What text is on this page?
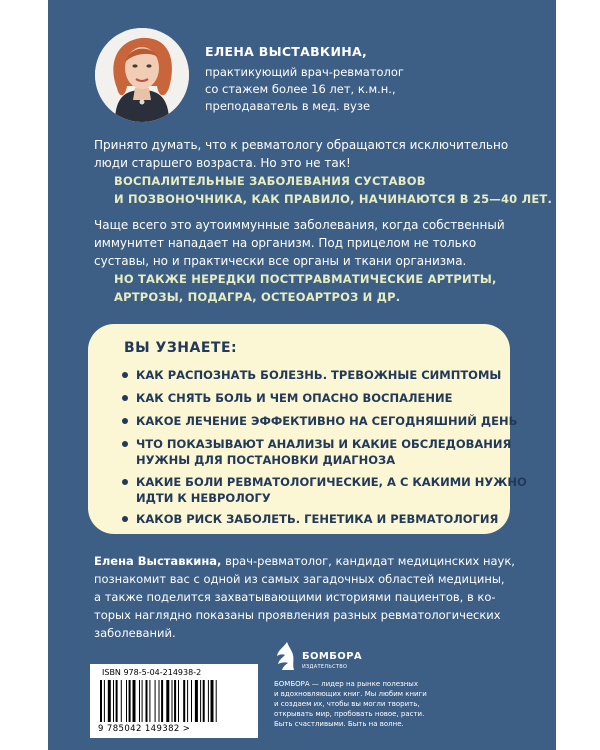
ЕЛЕНА ВЫСТАВКИНА,
практикующий врач-ревматолог
со стажем более 16 лет, к.м.н.,
преподаватель в мед. вузе
Принято думать, что к ревматологу обращаются исключительно
люди старшего возраста. Но это не так!
ВОСПАЛИТЕЛЬНЫЕ ЗАБОЛЕВАНИЯ СУСТАВОВ
И ПОЗВОНОЧНИКА, КАК ПРАВИЛО, НАЧИНАЮТСЯ В 25—40 ЛЕТ.
Чаще всего это аутоиммунные заболевания, когда собственный
иммунитет нападает на организм. Под прицелом не только
суставы, но и практически все органы и ткани организма.
НО ТАКЖЕ НЕРЕДКИ ПОСТТРАВМАТИЧЕСКИЕ АРТРИТЫ,
АРТРОЗЫ, ПОДАГРА, ОСТЕОАРТРОЗ И ДР.
ВЫ УЗНАЕТЕ:
КАК РАСПОЗНАТЬ БОЛЕЗНЬ. ТРЕВОЖНЫЕ СИМПТОМЫ
КАК СНЯТЬ БОЛЬ И ЧЕМ ОПАСНО ВОСПАЛЕНИЕ
КАКОЕ ЛЕЧЕНИЕ ЭФФЕКТИВНО НА СЕГОДНЯШНИЙ ДЕНЬ
ЧТО ПОКАЗЫВАЮТ АНАЛИЗЫ И КАКИЕ ОБСЛЕДОВАНИЯ
НУЖНЫ ДЛЯ ПОСТАНОВКИ ДИАГНОЗА
КАКИЕ БОЛИ РЕВМАТОЛОГИЧЕСКИЕ, А С КАКИМИ НУЖНО
ИДТИ К НЕВРОЛОГУ
КАКОВ РИСК ЗАБОЛЕТЬ. ГЕНЕТИКА И РЕВМАТОЛОГИЯ
Елена Выставкина, врач-ревматолог, кандидат медицинских наук,
познакомит вас с одной из самых загадочных областей медицины,
а также поделится захватывающими историями пациентов, в ко-
торых наглядно показаны проявления разных ревматологических
заболеваний.
ISBN 978-5-04-214938-2
9 785042 149382 >
БОМБОРА
ИЗДАТЕЛЬСТВО
БОМБОРА — лидер на рынке полезных
и вдохновляющих книг. Мы любим книги
и создаем их, чтобы вы могли творить,
открывать мир, пробовать новое, расти.
Быть счастливыми. Быть на волне.
